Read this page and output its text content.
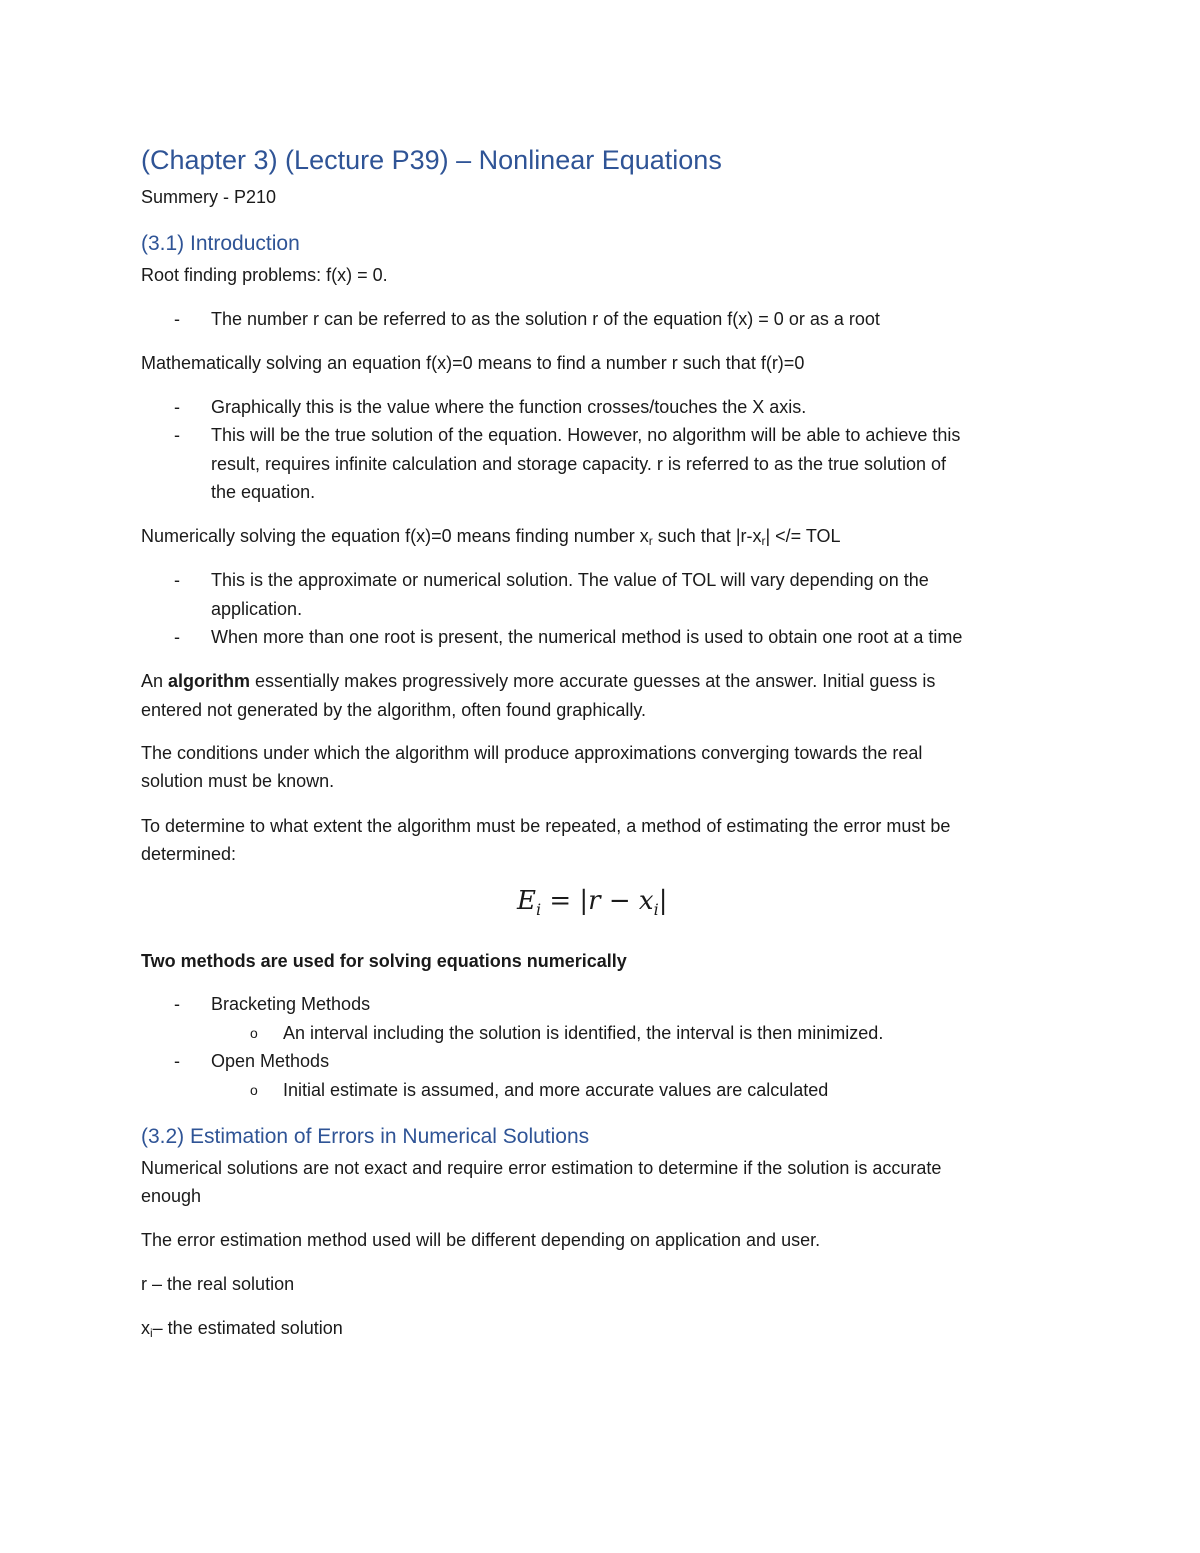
(Chapter 3) (Lecture P39) – Nonlinear Equations
Summery - P210
(3.1) Introduction
Root finding problems: f(x) = 0.
- The number r can be referred to as the solution r of the equation f(x) = 0 or as a root
Mathematically solving an equation f(x)=0 means to find a number r such that f(r)=0
- Graphically this is the value where the function crosses/touches the X axis.
- This will be the true solution of the equation. However, no algorithm will be able to achieve this
result, requires infinite calculation and storage capacity. r is referred to as the true solution of
the equation.
Numerically solving the equation f(x)=0 means finding number $x_r$ such that $|r-x_r|$ </= TOL
- This is the approximate or numerical solution. The value of TOL will vary depending on the
application.
- When more than one root is present, the numerical method is used to obtain one root at a time
An algorithm essentially makes progressively more accurate guesses at the answer. Initial guess is
entered not generated by the algorithm, often found graphically.
The conditions under which the algorithm will produce approximations converging towards the real
solution must be known.
To determine to what extent the algorithm must be repeated, a method of estimating the error must be
determined:
$E_i = |r - x_i|$
Two methods are used for solving equations numerically
- Bracketing Methods
o An interval including the solution is identified, the interval is then minimized.
- Open Methods
o Initial estimate is assumed, and more accurate values are calculated
(3.2) Estimation of Errors in Numerical Solutions
Numerical solutions are not exact and require error estimation to determine if the solution is accurate
enough
The error estimation method used will be different depending on application and user.
r – the real solution
$x_i-$ the estimated solution
